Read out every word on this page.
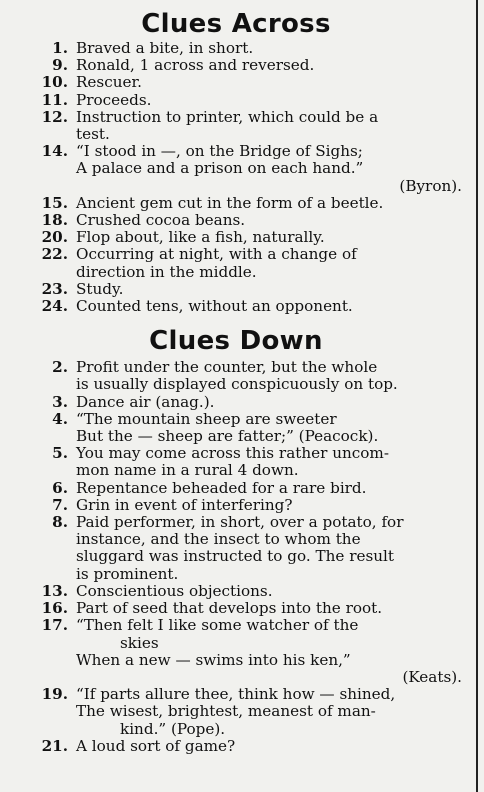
Clues Across
1. Braved a bite, in short.
9. Ronald, 1 across and reversed.
10. Rescuer.
11. Proceeds.
12. Instruction to printer, which could be a
test.
14. “I stood in —, on the Bridge of Sighs;
A palace and a prison on each hand.”
(Byron).
15. Ancient gem cut in the form of a beetle.
18. Crushed cocoa beans.
20. Flop about, like a fish, naturally.
22. Occurring at night, with a change of
direction in the middle.
23. Study.
24. Counted tens, without an opponent.
Clues Down
2. Profit under the counter, but the whole
is usually displayed conspicuously on top.
3. Dance air (anag.).
4. “The mountain sheep are sweeter
But the — sheep are fatter;” (Peacock).
5. You may come across this rather uncom-
mon name in a rural 4 down.
6. Repentance beheaded for a rare bird.
7. Grin in event of interfering?
8. Paid performer, in short, over a potato, for
instance, and the insect to whom the
sluggard was instructed to go. The result
is prominent.
13. Conscientious objections.
16. Part of seed that develops into the root.
17. “Then felt I like some watcher of the
skies
When a new — swims into his ken,”
(Keats).
19. “If parts allure thee, think how — shined,
The wisest, brightest, meanest of man-
kind.” (Pope).
21. A loud sort of game?
